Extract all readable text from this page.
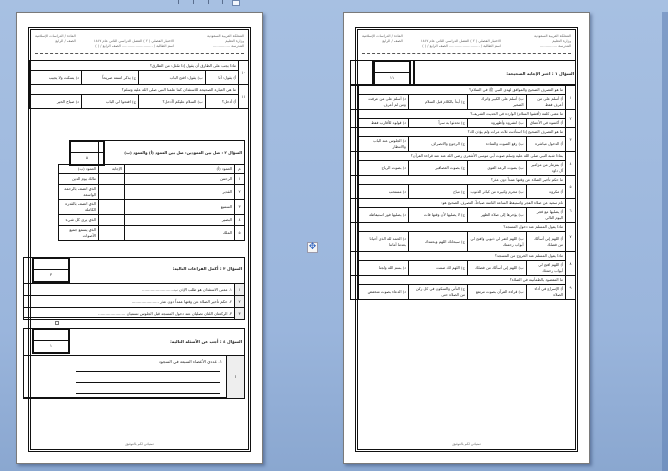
المملكة العربية السعودية
وزارة التعليم
المدرسة ...............
الاختبار الفصلي ( ٢ ) الفصل الدراسي الثاني عام ١٤٤٧
اسم الطالبة / ........................... الصف الرابع / ( )
المادة / الدراسات الإسلامية
الصف / الرابع
١٠	ماذا يجب على الطارق أن يقول إذا سُئل: من الطارق؟			
	أ) يقول: أنا	ب) يقول: افتح الباب	ج) يذكر اسمه صريحاً	د) يسكت ولا يجيب
١١	ما هي العبارة الصحيحة للاستئذان كما علمنا النبي صلى الله عليه وسلم؟			
	أ) أدخل؟	ب) السلام عليكم أأدخل؟	ج) افتحوا لي الباب	د) صباح الخير
السؤال ٢ : صل بين العمودين: صل بين العمود (أ) والعمود (ب)			
م	العمود (أ)	الإجابة	العمود (ب)
١	الرحمن		مالك يوم الدين
٢	القدير		الذي اتصف بالرحمة الواسعة
٣	السميع		الذي اتصف بالقدرة الكاملة
٤	البصير		الذي يرى كل شيء
٥	الملك		الذي يسمع جميع الأصوات
٥
السؤال ٣ : أكمل الفراغات التالية:
٣
١	١. معنى الاستئذان هو طلب الإذن ب..........................
٢	٢. حكم تأخير الصلاة عن وقتها عمداً دون عذر ......................
٣	٣. الركعتان اللتان تصليان عند دخول المسجد قبل الجلوس تسميان ......................
السؤال ٤ : أجب عن الأسئلة التالية:
١
١
١. عددي الأعضاء السبعة في السجود
تمنياتي لكم بالتوفيق
✥
المملكة العربية السعودية
وزارة التعليم
المدرسة ...............
الاختبار الفصلي ( ٢ ) الفصل الدراسي الثاني عام ١٤٤٧
اسم الطالبة / ........................... الصف الرابع / ( )
المادة / الدراسات الإسلامية
الصف / الرابع
السؤال ١ : اختر الإجابة الصحيحة:
١١
١	ما هو التصرف الصحيح والموافق لهدي النبي ﷺ في السلام؟				
	أ) أسلم على من أعرف فقط	ب) أسلم على الكبير واترك الصغير	ج) أبدأ بالكلام قبل السلام	د) أسلم على من عرفت ومن لم أعرف	
٢	ما معنى كلمة (أفشوا السلام) الواردة في الحديث الشريف؟				
	أ) أكتموه في الأعماق	ب) انشروه وأظهروه	ج) تحدثوا به سراً	د) قولوه للأقارب فقط	
٣	ما هو التصرف الصحيح إذا استأذنت ثلاث مرات ولم يؤذن لك؟				
	أ) الدخول مباشرة	ب) رفع الصوت والمنادة	ج) الرجوع والانصراف	د) الجلوس عند الباب والانتظار	
٤	بماذا شبه النبي صلى الله عليه وسلم صوت أبي موسى الأشعري رضي الله عنه عند قراءة القرآن؟				
	أ) بمزمار من مزامير آل داود	ب) بصوت الرعد القوي	ج) بصوت العصافير	د) بصوت الرياح	
٥	ما حكم تأخير الصلاة عن وقتها عمداً دون عذر؟				
	أ) مكروه	ب) محرم وكبيرة من كبائر الذنوب	ج) مباح	د) مستحب	
٦	نام سعيد عن صلاة الفجر واستيقظ الساعة الثامنة صباحاً، التصرف الصحيح هو:				
	أ) يصليها مع فجر اليوم التالي	ب) يؤخرها إلى صلاة الظهر	ج) لا يصليها لأن وقتها فات	د) يصليها فور استيقاظه	
٧	ماذا يقول المسلم عند دخول المسجد؟				
	أ) اللهم إني أسألك من فضلك	ب) اللهم اغفر لي ذنوبي وافتح لي أبواب رحمتك	ج) سبحانك اللهم وبحمدك	د) الحمد لله الذي أحيانا بعدما أماتنا	
٨	ماذا يقول المسلم عند الخروج من المسجد؟				
	أ) اللهم افتح لي أبواب رحمتك	ب) اللهم إني أسألك من فضلك	ج) اللهم لك صمت	د) بسم الله ولجنا	
٩	ما المقصود بالطمأنينة في الصلاة؟				
	أ) الإسراع في أداء الصلاة	ب) قراءة القرآن بصوت مرتفع	ج) التأني والسكون في كل ركن من الصلاة حتى	د) الدعاء بصوت منخفض	
تمنياتي لكم بالتوفيق
